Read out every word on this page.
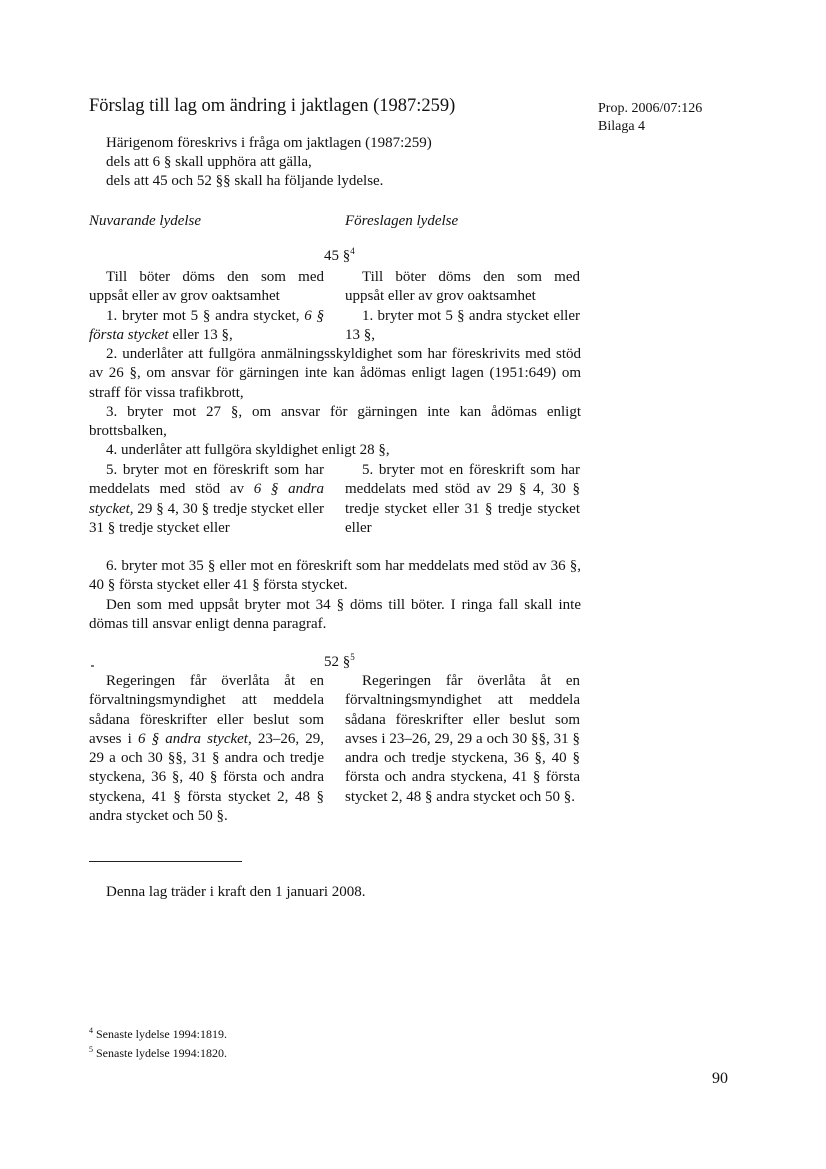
Förslag till lag om ändring i jaktlagen (1987:259)	Prop. 2006/07:126
Bilaga 4
Härigenom föreskrivs i fråga om jaktlagen (1987:259)
dels att 6 § skall upphöra att gälla,
dels att 45 och 52 §§ skall ha följande lydelse.
Nuvarande lydelse	Föreslagen lydelse
45 §$^4$

Till böter döms den som med uppsåt eller av grov oaktsamhet

1. bryter mot 5 § andra stycket, 6 § första stycket eller 13 §,

Till böter döms den som med uppsåt eller av grov oaktsamhet

1. bryter mot 5 § andra stycket eller 13 §,

2. underlåter att fullgöra anmälningsskyldighet som har föreskrivits med stöd av 26 §, om ansvar för gärningen inte kan ådömas enligt lagen (1951:649) om straff för vissa trafikbrott,

3. bryter mot 27 §, om ansvar för gärningen inte kan ådömas enligt brottsbalken,

4. underlåter att fullgöra skyldighet enligt 28 §,

5. bryter mot en föreskrift som har meddelats med stöd av 6 § andra stycket, 29 § 4, 30 § tredje stycket eller 31 § tredje stycket eller

5. bryter mot en föreskrift som har meddelats med stöd av 29 § 4, 30 § tredje stycket eller 31 § tredje stycket eller

6. bryter mot 35 § eller mot en föreskrift som har meddelats med stöd av 36 §, 40 § första stycket eller 41 § första stycket.

Den som med uppsåt bryter mot 34 § döms till böter. I ringa fall skall inte dömas till ansvar enligt denna paragraf.

52 §$^5$

Regeringen får överlåta åt en förvaltningsmyndighet att meddela sådana föreskrifter eller beslut som avses i 6 § andra stycket, 23–26, 29, 29 a och 30 §§, 31 § andra och tredje styckena, 36 §, 40 § första och andra styckena, 41 § första stycket 2, 48 § andra stycket och 50 §.

Regeringen får överlåta åt en förvaltningsmyndighet att meddela sådana föreskrifter eller beslut som avses i 23–26, 29, 29 a och 30 §§, 31 § andra och tredje styckena, 36 §, 40 § första och andra styckena, 41 § första stycket 2, 48 § andra stycket och 50 §.

Denna lag träder i kraft den 1 januari 2008.
$^4$ Senaste lydelse 1994:1819.
$^5$ Senaste lydelse 1994:1820.
90
